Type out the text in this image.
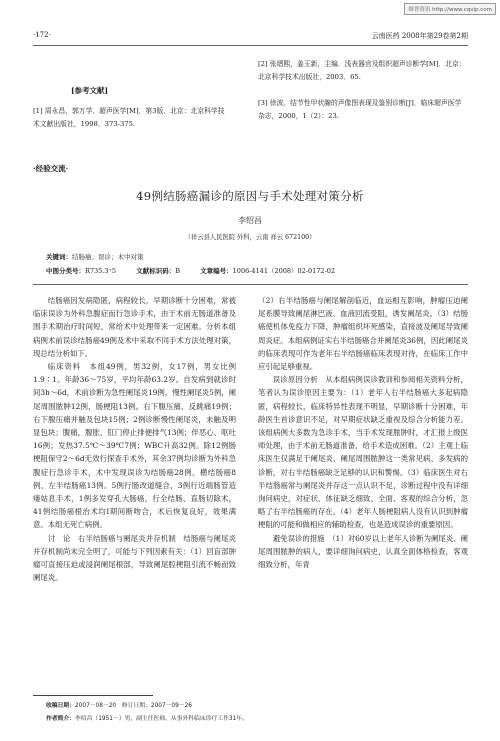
维普资讯 http://www.cqvip.com
·172·	云南医药 2008年第29卷第2期
[参考文献]
[1] 周永昌，郭万学．超声医学[M]．第3版．北京：北京科学技术文献出版社，1998．373-375.
[2] 张缙熙，姜玉新，主编．浅表器官及组织超声诊断学[M]．北京：北京科学技术出版社，2003．65.
[3] 徐波．结节性甲状腺的声像图表现及鉴别诊断[J]．临床超声医学杂志，2000，1（2）：23.
·经验交流·
49例结肠癌漏诊的原因与手术处理对策分析
李绍昌
（祥云县人民医院 外科，云南 祥云 672100）
关键词：结肠癌；误诊；术中对策
中图分类号：R735.3⁺5	文献标识码：B	文章编号：1006-4141（2008）02-0172-02

结肠癌因发病隐匿，病程较长，早期诊断十分困难，常被临床误诊为外科急腹症而行急诊手术，由于术前无肠道准备及围手术期治疗时间短，常给术中处理带来一定困难。分析本组病例术前误诊结肠癌49例及术中采取不同手术方法处理对策，现总结分析如下。

临床资料　本组49例，男32例，女17例，男女比例1.9∶1。年龄36～75岁，平均年龄63.2岁。自发病到就诊时间3h～6d，术前诊断为急性阑尾炎19例，慢性阑尾炎5例，阑尾周围脓肿12例，肠梗阻13例。右下腹压痛、反跳痛19例；右下腹压痛并触及包块15例；2例诊断慢性阑尾炎，未触及明显包块；腹痛，腹胀、肛门停止排便排气13例；伴恶心、呕吐16例；发热37.5℃～39℃7例；WBC升高32例。除12例肠梗阻保守2～6d无效行探查手术外，其余37例均诊断为外科急腹症行急诊手术，术中发现误诊为结肠癌28例、横结肠癌8例、左半结肠癌13例。5例行肠改道缝合，3例行近端肠管造瘘姑息手术，1例多发穿孔大肠癌，行全结肠、直肠切除术，41例结肠癌根治术均Ⅰ期间断吻合，术后恢复良好，效果满意。本组无死亡病例。

讨　论　右半结肠癌与阑尾炎并存机制　结肠癌与阑尾炎并存机制尚未完全明了，可能与下列因素有关：（1）回盲部肿瘤可直接压迫或浸润阑尾根部，导致阑尾腔梗阻引流不畅而致阑尾炎。

（2）右半结肠癌与阑尾解剖临近，血运相互影响，肿瘤压迫阑尾系膜导致阑尾淋巴液、血液回流受阻，诱发阑尾炎。（3）结肠癌使机体免疫力下降，肿瘤组织坏死感染，直接波及阑尾导致阑周炎症。本组病例证实右半结肠癌合并阑尾炎36例，因此阑尾炎的临床表现可作为老年右半结肠癌临床表现对待，在临床工作中应引起足够重视。

误诊原因分析　从本组病例误诊教训和参阅相关资料分析，笔者认为误诊原因主要为：（1）老年人右半结肠癌大多起病隐匿，病程较长，临床特异性表现不明显，早期诊断十分困难，年龄医生首诊意识不足，对早期症状缺乏重视及综合分析能力差。该组病例大多数为急诊手术，当手术发现脓肿时，才汇报上级医师处理，由于术前无肠道准备，给手术造成困难。（2）主观上临床医生仅满足于阑尾炎、阑尾周围脓肿这一类常见病、多发病的诊断，对右半结肠癌缺乏足够的认识和警惕。（3）临床医生对右半结肠癌常与阑尾炎并存这一点认识不足，诊断过程中没有详细询问病史，对症状、体征缺乏细致、全面、客观的综合分析，忽略了右半结肠癌的存在。（4）老年人肠梗阻病人没有认识到肿瘤梗阻的可能和做相应的辅助检查，也是造成误诊的重要原因。

避免误诊的措施　（1）对60岁以上老年人诊断为阑尾炎、阑尾周围脓肿的病人，要详细询问病史，认真全面体格检查，客观细致分析，年青

收稿日期：2007－08－20　修订日期：2007－09－26
作者简介：李绍昌（1951－）男，副主任医师，从事外科临床诊疗工作31年。
